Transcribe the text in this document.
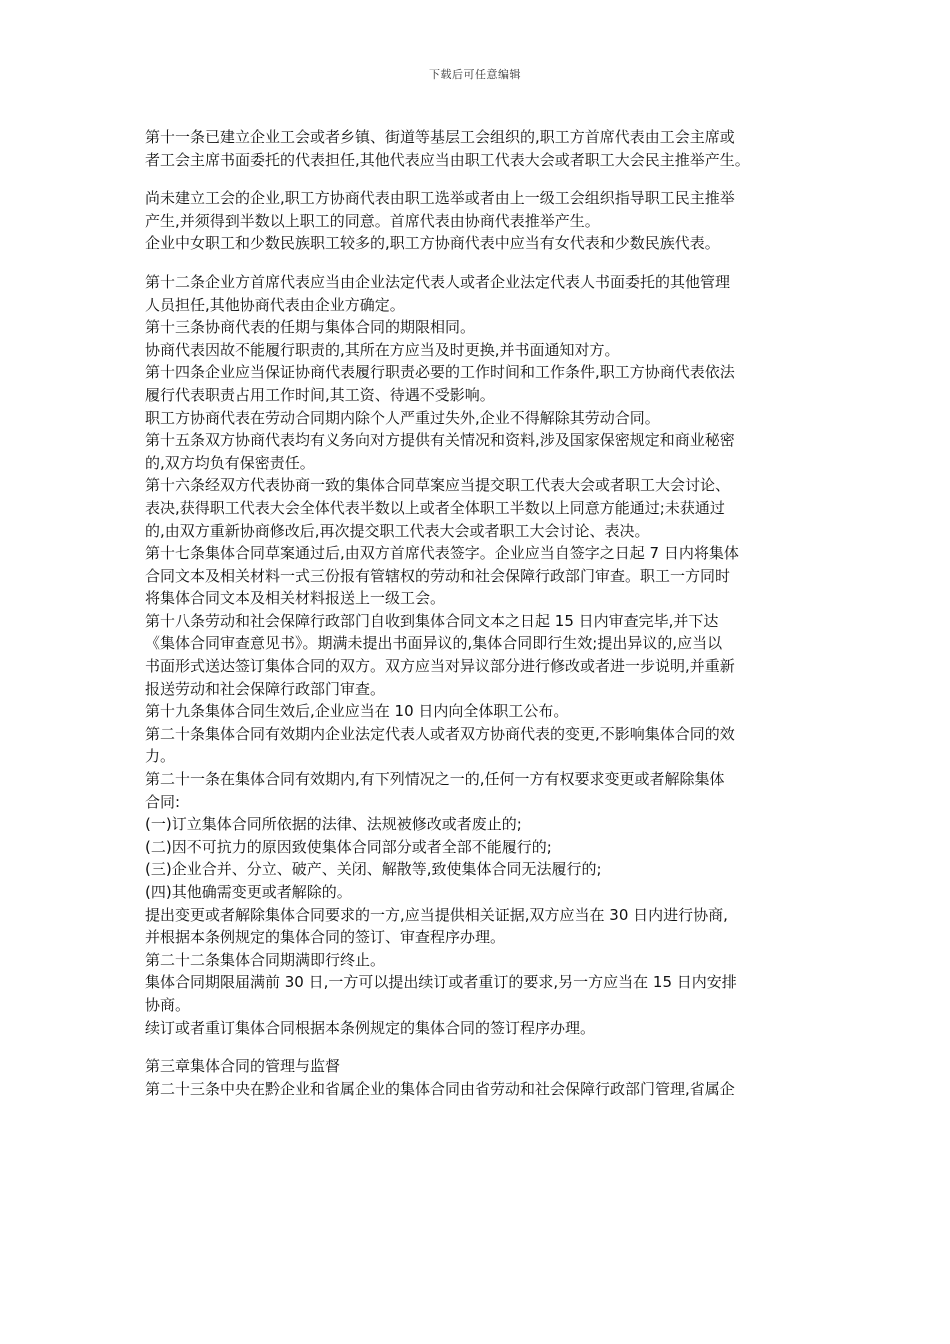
下载后可任意编辑
第十一条已建立企业工会或者乡镇、街道等基层工会组织的,职工方首席代表由工会主席或
者工会主席书面委托的代表担任,其他代表应当由职工代表大会或者职工大会民主推举产生。
尚未建立工会的企业,职工方协商代表由职工选举或者由上一级工会组织指导职工民主推举
产生,并须得到半数以上职工的同意。首席代表由协商代表推举产生。
企业中女职工和少数民族职工较多的,职工方协商代表中应当有女代表和少数民族代表。
第十二条企业方首席代表应当由企业法定代表人或者企业法定代表人书面委托的其他管理
人员担任,其他协商代表由企业方确定。
第十三条协商代表的任期与集体合同的期限相同。
协商代表因故不能履行职责的,其所在方应当及时更换,并书面通知对方。
第十四条企业应当保证协商代表履行职责必要的工作时间和工作条件,职工方协商代表依法
履行代表职责占用工作时间,其工资、待遇不受影响。
职工方协商代表在劳动合同期内除个人严重过失外,企业不得解除其劳动合同。
第十五条双方协商代表均有义务向对方提供有关情况和资料,涉及国家保密规定和商业秘密
的,双方均负有保密责任。
第十六条经双方代表协商一致的集体合同草案应当提交职工代表大会或者职工大会讨论、
表决,获得职工代表大会全体代表半数以上或者全体职工半数以上同意方能通过;未获通过
的,由双方重新协商修改后,再次提交职工代表大会或者职工大会讨论、表决。
第十七条集体合同草案通过后,由双方首席代表签字。企业应当自签字之日起 7 日内将集体
合同文本及相关材料一式三份报有管辖权的劳动和社会保障行政部门审查。职工一方同时
将集体合同文本及相关材料报送上一级工会。
第十八条劳动和社会保障行政部门自收到集体合同文本之日起 15 日内审查完毕,并下达
《集体合同审查意见书》。期满未提出书面异议的,集体合同即行生效;提出异议的,应当以
书面形式送达签订集体合同的双方。双方应当对异议部分进行修改或者进一步说明,并重新
报送劳动和社会保障行政部门审查。
第十九条集体合同生效后,企业应当在 10 日内向全体职工公布。
第二十条集体合同有效期内企业法定代表人或者双方协商代表的变更,不影响集体合同的效
力。
第二十一条在集体合同有效期内,有下列情况之一的,任何一方有权要求变更或者解除集体
合同:
(一)订立集体合同所依据的法律、法规被修改或者废止的;
(二)因不可抗力的原因致使集体合同部分或者全部不能履行的;
(三)企业合并、分立、破产、关闭、解散等,致使集体合同无法履行的;
(四)其他确需变更或者解除的。
提出变更或者解除集体合同要求的一方,应当提供相关证据,双方应当在 30 日内进行协商,
并根据本条例规定的集体合同的签订、审查程序办理。
第二十二条集体合同期满即行终止。
集体合同期限届满前 30 日,一方可以提出续订或者重订的要求,另一方应当在 15 日内安排
协商。
续订或者重订集体合同根据本条例规定的集体合同的签订程序办理。
第三章集体合同的管理与监督
第二十三条中央在黔企业和省属企业的集体合同由省劳动和社会保障行政部门管理,省属企
